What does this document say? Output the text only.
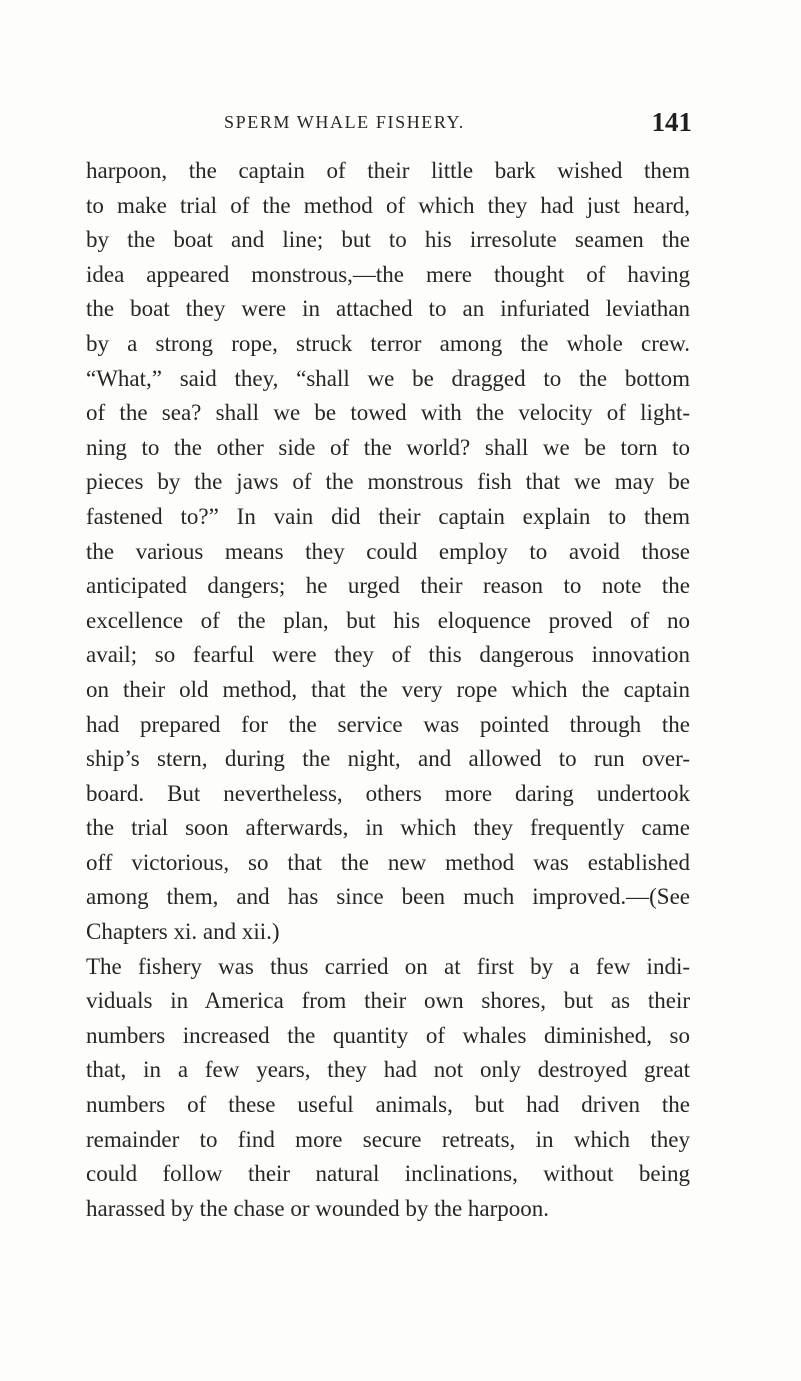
SPERM WHALE FISHERY.	141
harpoon, the captain of their little bark wished them
to make trial of the method of which they had just heard,
by the boat and line; but to his irresolute seamen the
idea appeared monstrous,—the mere thought of having
the boat they were in attached to an infuriated leviathan
by a strong rope, struck terror among the whole crew.
“What,” said they, “shall we be dragged to the bottom
of the sea? shall we be towed with the velocity of light-
ning to the other side of the world? shall we be torn to
pieces by the jaws of the monstrous fish that we may be
fastened to?” In vain did their captain explain to them
the various means they could employ to avoid those
anticipated dangers; he urged their reason to note the
excellence of the plan, but his eloquence proved of no
avail; so fearful were they of this dangerous innovation
on their old method, that the very rope which the captain
had prepared for the service was pointed through the
ship’s stern, during the night, and allowed to run over-
board. But nevertheless, others more daring undertook
the trial soon afterwards, in which they frequently came
off victorious, so that the new method was established
among them, and has since been much improved.—(See
Chapters xi. and xii.)
The fishery was thus carried on at first by a few indi-
viduals in America from their own shores, but as their
numbers increased the quantity of whales diminished, so
that, in a few years, they had not only destroyed great
numbers of these useful animals, but had driven the
remainder to find more secure retreats, in which they
could follow their natural inclinations, without being
harassed by the chase or wounded by the harpoon.
